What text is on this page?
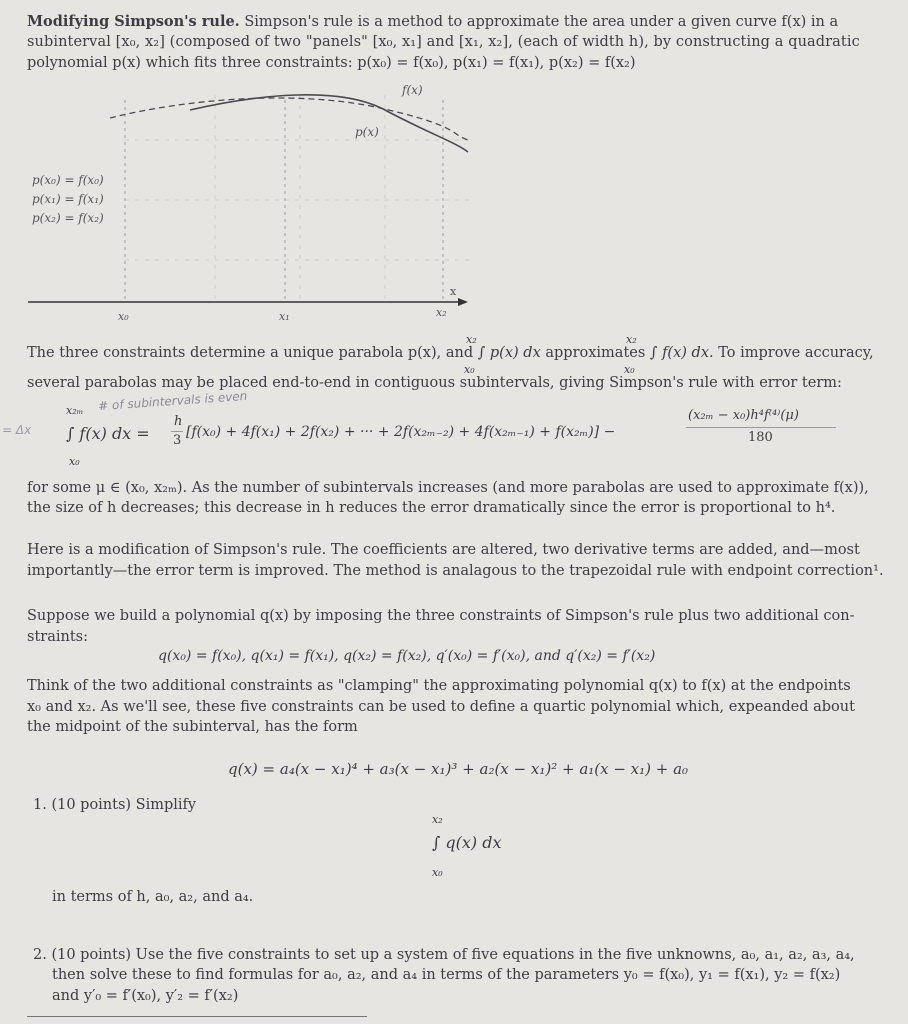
Modifying Simpson's rule. Simpson's rule is a method to approximate the area under a given curve f(x) in a
subinterval [x₀, x₂] (composed of two "panels" [x₀, x₁] and [x₁, x₂], (each of width h), by constructing a quadratic
polynomial p(x) which fits three constraints: p(x₀) = f(x₀), p(x₁) = f(x₁), p(x₂) = f(x₂)
x
x₀	x₁	x₂
f(x)
p(x)
p(x₀) = f(x₀)
p(x₁) = f(x₁)
p(x₂) = f(x₂)
x₂	x₂
The three constraints determine a unique parabola p(x), and ∫ p(x) dx approximates ∫ f(x) dx. To improve accuracy,
x₀	x₀
several parabolas may be placed end-to-end in contiguous subintervals, giving Simpson's rule with error term:
# of subintervals is even
= Δx
x₂ₘ
∫ f(x) dx =
x₀
h
3
[f(x₀) + 4f(x₁) + 2f(x₂) + ··· + 2f(x₂ₘ₋₂) + 4f(x₂ₘ₋₁) + f(x₂ₘ)] −
(x₂ₘ − x₀)h⁴f⁽⁴⁾(μ)
180
for some μ ∈ (x₀, x₂ₘ). As the number of subintervals increases (and more parabolas are used to approximate f(x)),
the size of h decreases; this decrease in h reduces the error dramatically since the error is proportional to h⁴.
Here is a modification of Simpson's rule. The coefficients are altered, two derivative terms are added, and—most
importantly—the error term is improved. The method is analagous to the trapezoidal rule with endpoint correction¹.
Suppose we build a polynomial q(x) by imposing the three constraints of Simpson's rule plus two additional con-
straints:
q(x₀) = f(x₀), q(x₁) = f(x₁), q(x₂) = f(x₂), q′(x₀) = f′(x₀), and q′(x₂) = f′(x₂)
Think of the two additional constraints as "clamping" the approximating polynomial q(x) to f(x) at the endpoints
x₀ and x₂. As we'll see, these five constraints can be used to define a quartic polynomial which, expeanded about
the midpoint of the subinterval, has the form
q(x) = a₄(x − x₁)⁴ + a₃(x − x₁)³ + a₂(x − x₁)² + a₁(x − x₁) + a₀
1. (10 points) Simplify
x₂
∫ q(x) dx
x₀
in terms of h, a₀, a₂, and a₄.
2. (10 points) Use the five constraints to set up a system of five equations in the five unknowns, a₀, a₁, a₂, a₃, a₄,
then solve these to find formulas for a₀, a₂, and a₄ in terms of the parameters y₀ = f(x₀), y₁ = f(x₁), y₂ = f(x₂)
and y′₀ = f′(x₀), y′₂ = f′(x₂)
